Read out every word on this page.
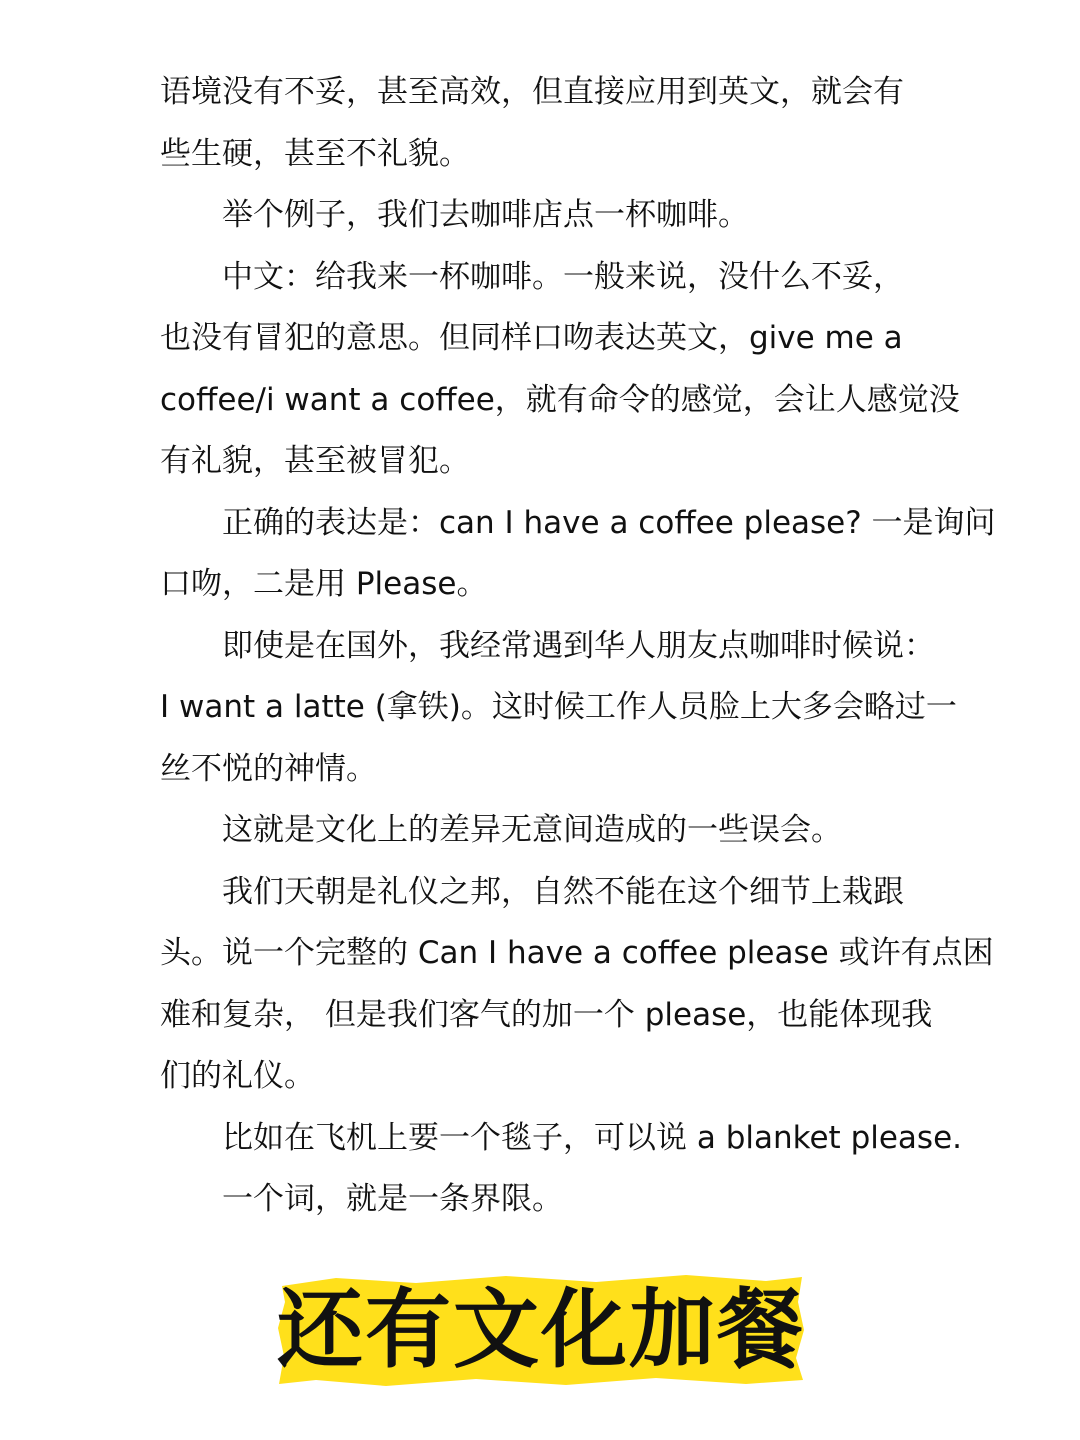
语境没有不妥，甚至高效，但直接应用到英文，就会有
些生硬，甚至不礼貌。
举个例子，我们去咖啡店点一杯咖啡。
中文：给我来一杯咖啡。一般来说，没什么不妥，
也没有冒犯的意思。但同样口吻表达英文，give me a
coffee/i want a coffee，就有命令的感觉，会让人感觉没
有礼貌，甚至被冒犯。
正确的表达是：can I have a coffee please? 一是询问
口吻，二是用 Please。
即使是在国外，我经常遇到华人朋友点咖啡时候说：
I want a latte (拿铁)。这时候工作人员脸上大多会略过一
丝不悦的神情。
这就是文化上的差异无意间造成的一些误会。
我们天朝是礼仪之邦，自然不能在这个细节上栽跟
头。说一个完整的 Can I have a coffee please 或许有点困
难和复杂， 但是我们客气的加一个 please，也能体现我
们的礼仪。
比如在飞机上要一个毯子，可以说 a blanket please.
一个词，就是一条界限。
还有文化加餐
